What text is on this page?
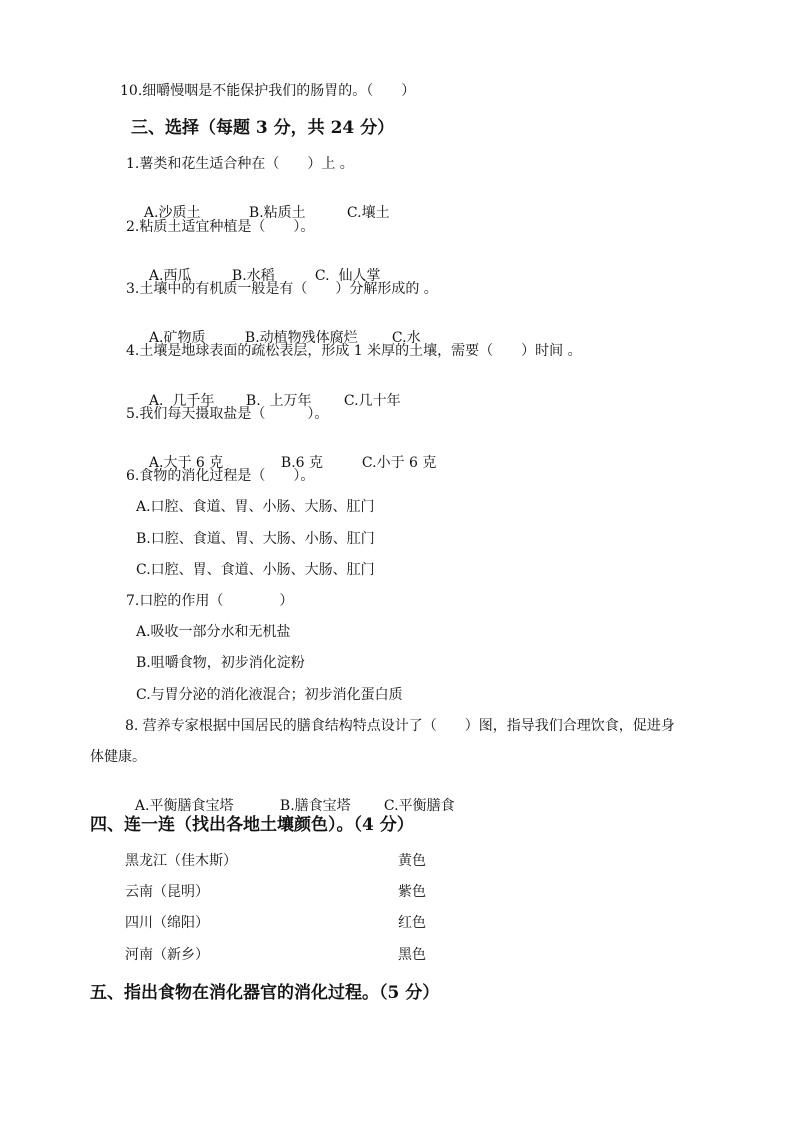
10.细嚼慢咽是不能保护我们的肠胃的。（　　）
三、选择（每题 3 分，共 24 分）
1.薯类和花生适合种在（　　）上 。

A.沙质土	B.粘质土	C.壤土

2.粘质土适宜种植是（　　）。

A.西瓜	B.水稻	C.  仙人掌

3.土壤中的有机质一般是有（　　）分解形成的 。

A.矿物质	B.动植物残体腐烂 C.水

4.土壤是地球表面的疏松表层，形成 1 米厚的土壤，需要（　　）时间 。

A.  几千年 B.  上万年 C.几十年

5.我们每天摄取盐是（　　　）。

A.大于 6 克	B.6 克	C.小于 6 克

6.食物的消化过程是（　　）。
A.口腔、食道、胃、小肠、大肠、肛门
B.口腔、食道、胃、大肠、小肠、肛门
C.口腔、胃、食道、小肠、大肠、肛门
7.口腔的作用（　　　　）
A.吸收一部分水和无机盐
B.咀嚼食物，初步消化淀粉
C.与胃分泌的消化液混合；初步消化蛋白质
8. 营养专家根据中国居民的膳食结构特点设计了（　　）图，指导我们合理饮食，促进身
体健康。

A.平衡膳食宝塔	B.膳食宝塔 C.平衡膳食

四、连一连（找出各地土壤颜色）。（4 分）
黑龙江（佳木斯）	黄色
云南（昆明）	紫色
四川（绵阳）	红色
河南（新乡）	黑色
五、指出食物在消化器官的消化过程。（5 分）
